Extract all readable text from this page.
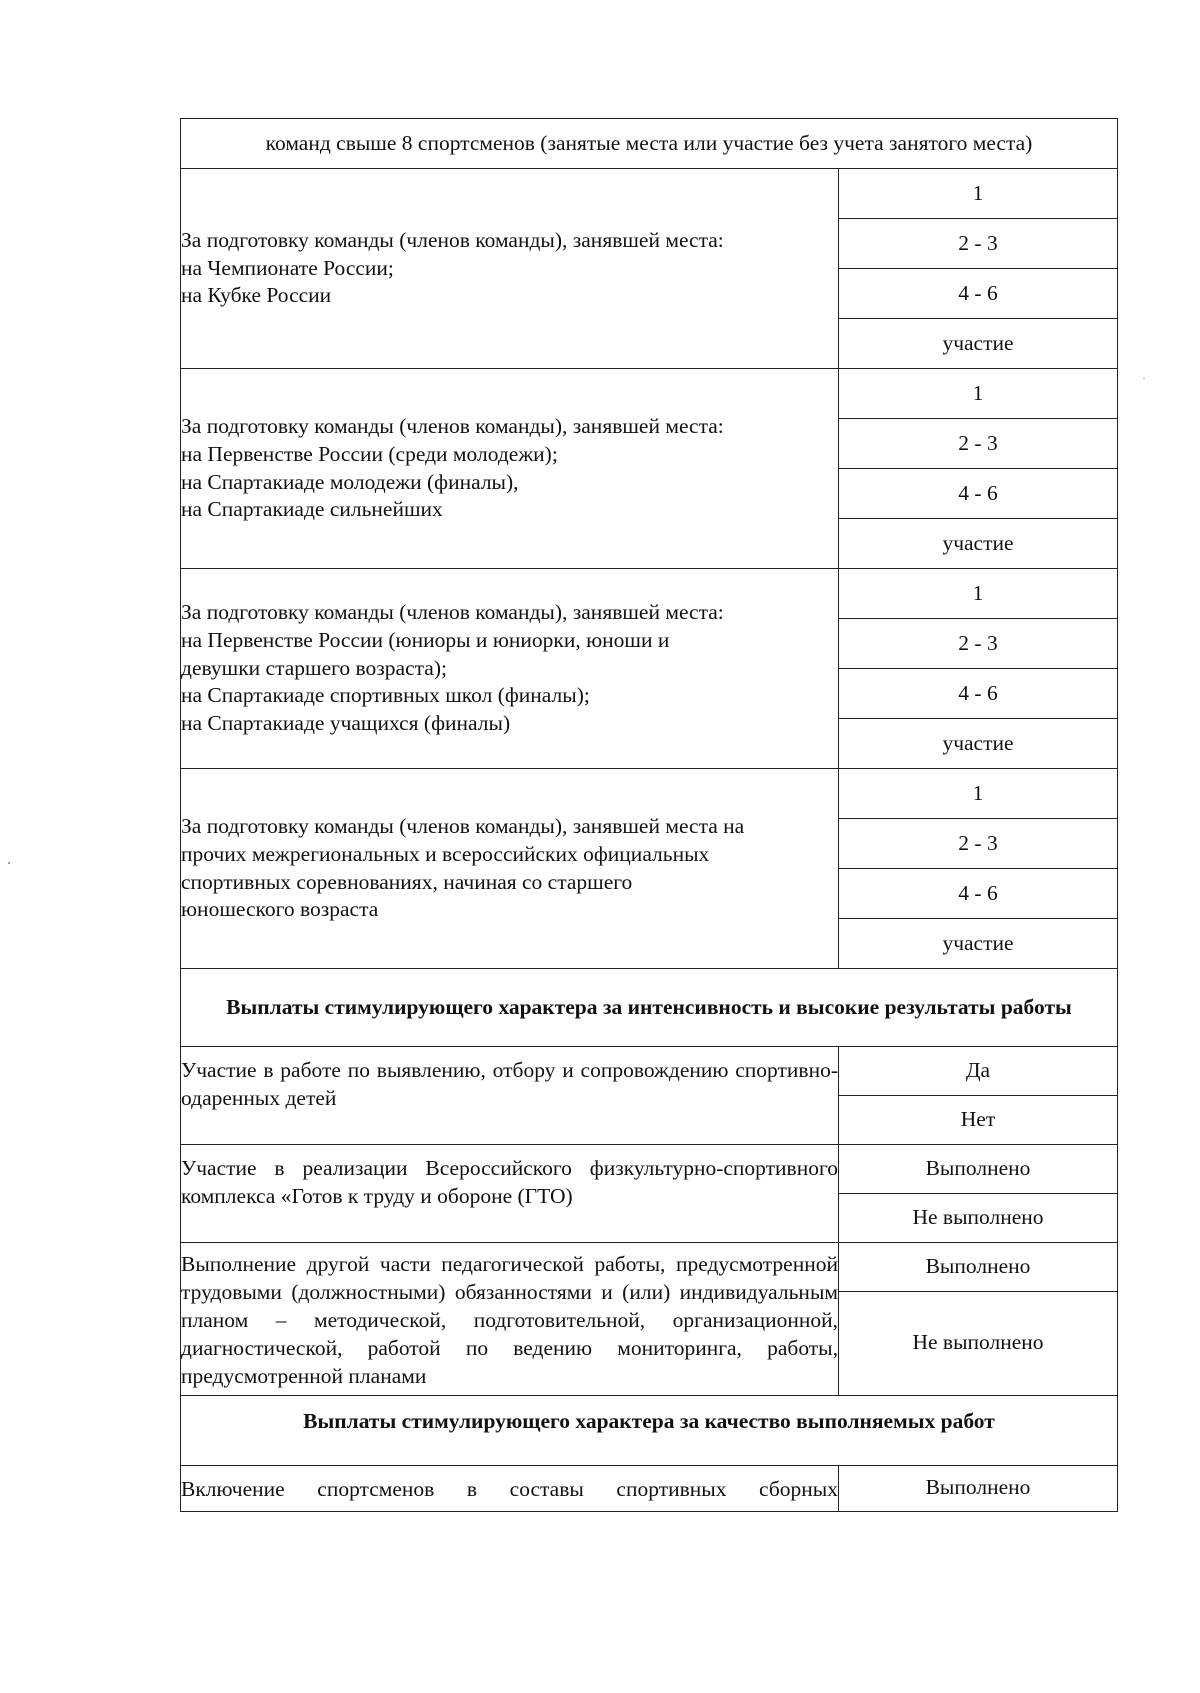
команд свыше 8 спортсменов (занятые места или участие без учета занятого места)	

За подготовку команды (членов команды), занявшей места:
на Чемпионате России;
на Кубке России	1
	2 - 3
	4 - 6
	участие

За подготовку команды (членов команды), занявшей места:
на Первенстве России (среди молодежи);
на Спартакиаде молодежи (финалы),
на Спартакиаде сильнейших	1
	2 - 3
	4 - 6
	участие

За подготовку команды (членов команды), занявшей места:
на Первенстве России (юниоры и юниорки, юноши и
девушки старшего возраста);
на Спартакиаде спортивных школ (финалы);
на Спартакиаде учащихся (финалы)	1
	2 - 3
	4 - 6
	участие

За подготовку команды (членов команды), занявшей места на
прочих межрегиональных и всероссийских официальных
спортивных соревнованиях, начиная со старшего
юношеского возраста	1
	2 - 3
	4 - 6
	участие
Выплаты стимулирующего характера за интенсивность и высокие результаты работы	

Участие в работе по выявлению, отбору и сопровождению спортивно-одаренных детей	Да
	Нет

Участие в реализации Всероссийского физкультурно-спортивного комплекса «Готов к труду и обороне (ГТО)	Выполнено
	Не выполнено

Выполнение другой части педагогической работы, предусмотренной трудовыми (должностными) обязанностями и (или) индивидуальным планом – методической, подготовительной, организационной, диагностической, работой по ведению мониторинга, работы, предусмотренной планами	Выполнено
	Не выполнено
Выплаты стимулирующего характера за качество выполняемых работ	

Включение спортсменов в составы спортивных сборных	Выполнено
